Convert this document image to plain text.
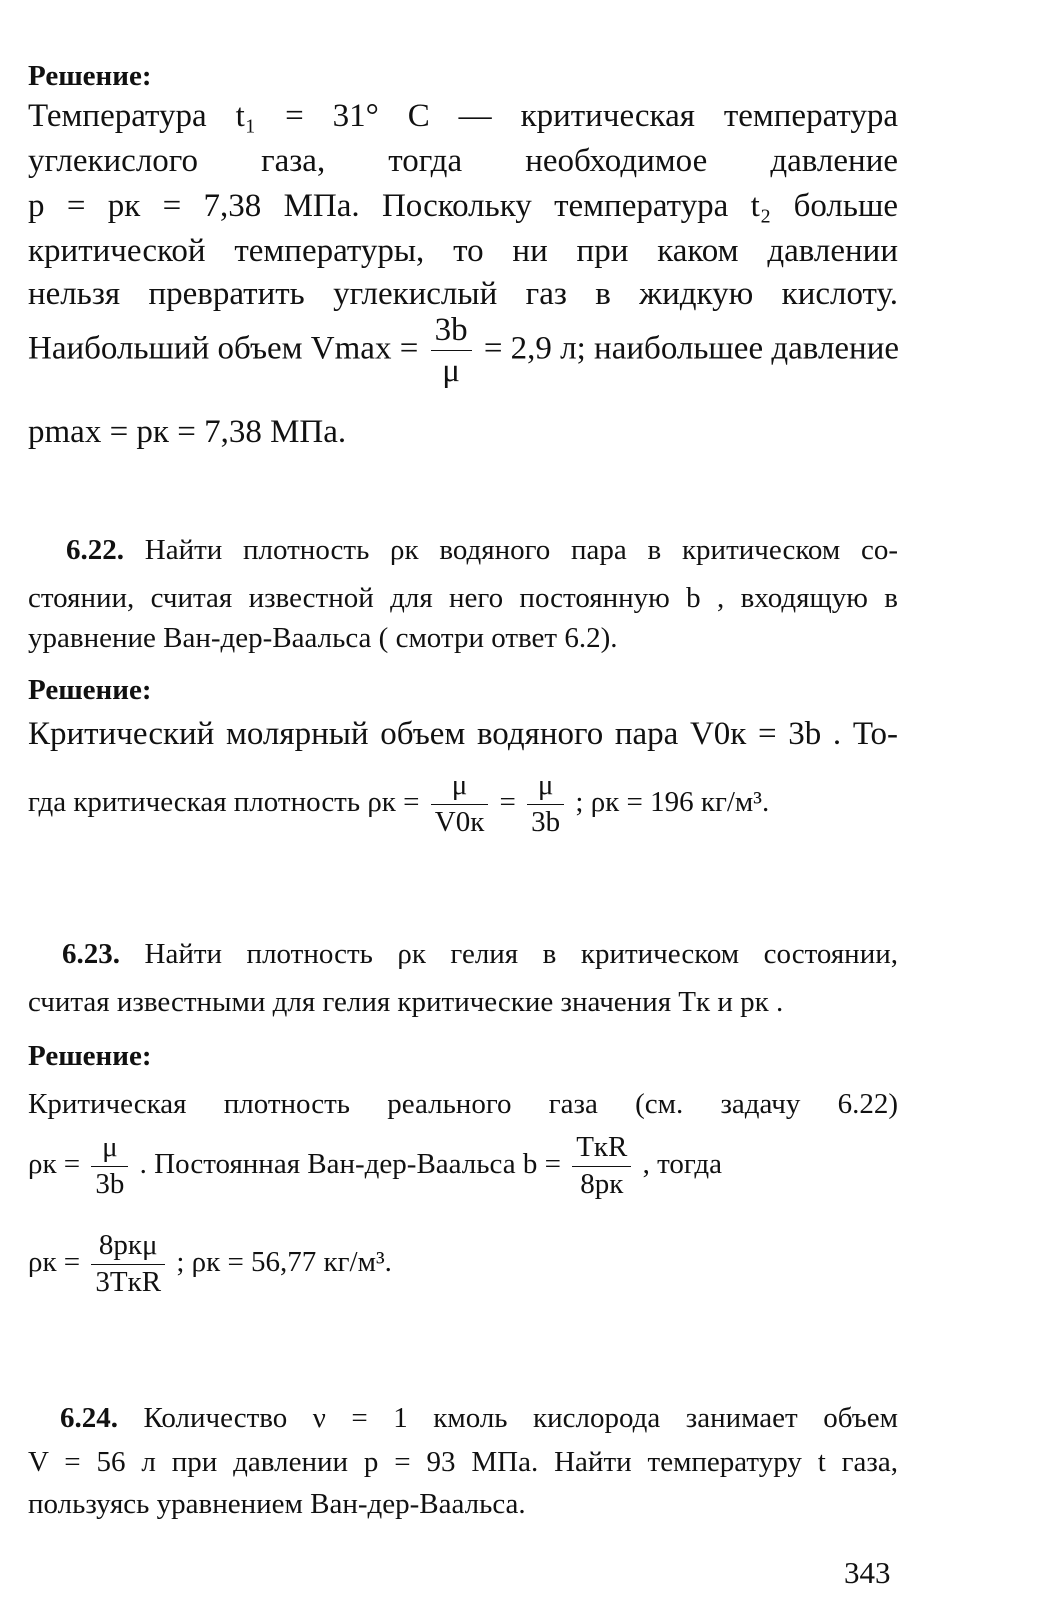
Решение:
Температура t₁ = 31° C — критическая температура
углекислого газа, тогда необходимое давление
p = pк = 7,38 МПа. Поскольку температура t₂ больше
критической температуры, то ни при каком давлении
нельзя превратить углекислый газ в жидкую кислоту.
Наибольший объем $Vmax = \frac{3b}{\mu} = 2,9$ л; наибольшее давление
pmax = pк = 7,38 МПа.
6.22. Найти плотность ρк водяного пара в критическом со-
стоянии, считая известной для него постоянную b , входящую в
уравнение Ван-дер-Ваальса ( смотри ответ 6.2).
Решение:
Критический молярный объем водяного пара V0к = 3b . То-
гда критическая плотность $\rho к = \frac{\mu}{V0к} = \frac{\mu}{3b}$ ; ρк = 196 кг/м³.
6.23. Найти плотность ρк гелия в критическом состоянии,
считая известными для гелия критические значения Tк и pк .
Решение:
Критическая плотность реального газа (см. задачу 6.22)
$\rho к = \frac{\mu}{3b}$ . Постоянная Ван-дер-Ваальса $b = \frac{\text{TкR}}{8pк}$ , тогда
$\rho к = \frac{\text{8pкμ}}{\text{3TкR}}$ ; ρк = 56,77 кг/м³.
6.24. Количество ν = 1 кмоль кислорода занимает объем
V = 56 л при давлении p = 93 МПа. Найти температуру t газа,
пользуясь уравнением Ван-дер-Ваальса.
343
